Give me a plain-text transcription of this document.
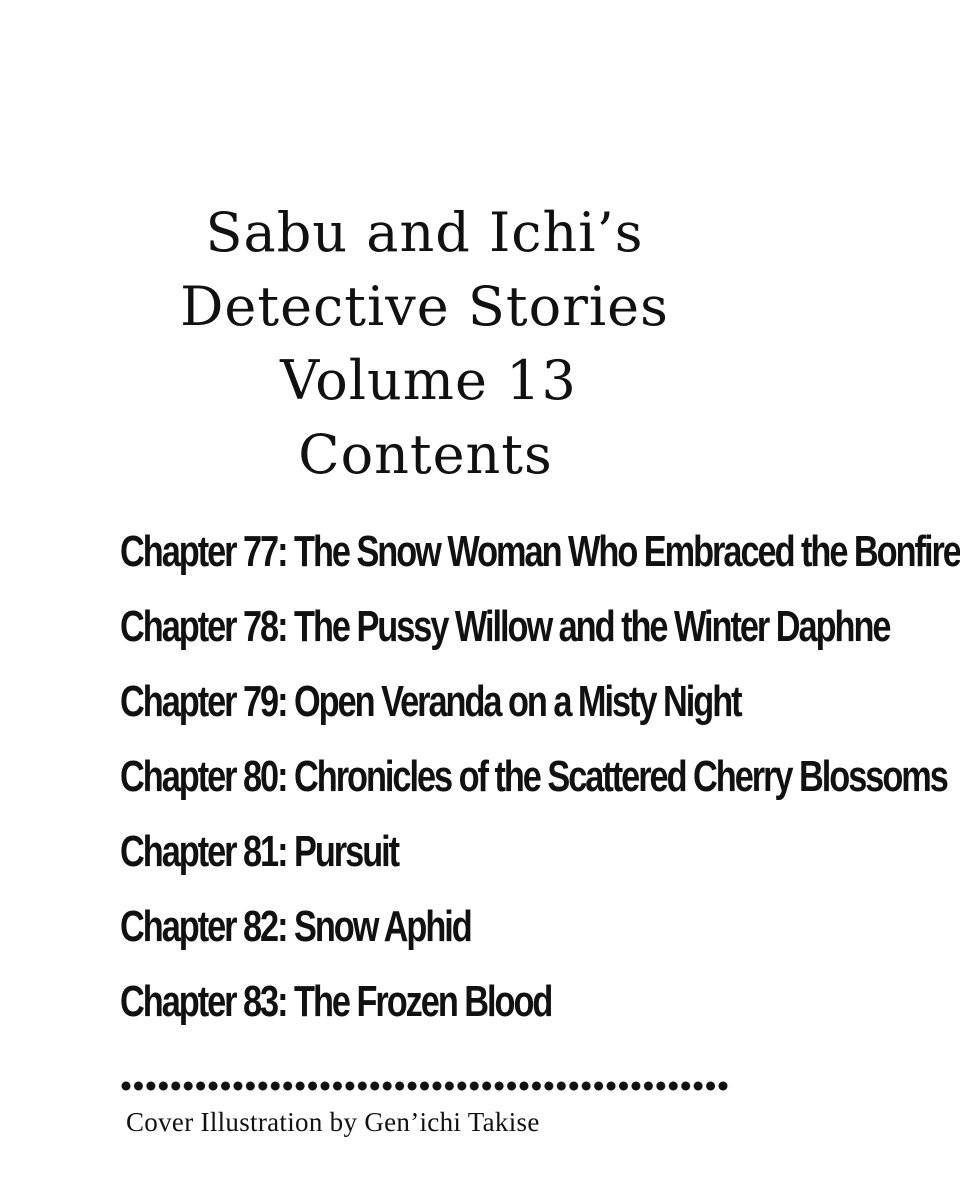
Sabu and Ichi’s
Detective Stories
Volume 13
Contents
Chapter 77: The Snow Woman Who Embraced the Bonfire
Chapter 78: The Pussy Willow and the Winter Daphne
Chapter 79: Open Veranda on a Misty Night
Chapter 80: Chronicles of the Scattered Cherry Blossoms
Chapter 81: Pursuit
Chapter 82: Snow Aphid
Chapter 83: The Frozen Blood
Cover Illustration by Gen’ichi Takise
